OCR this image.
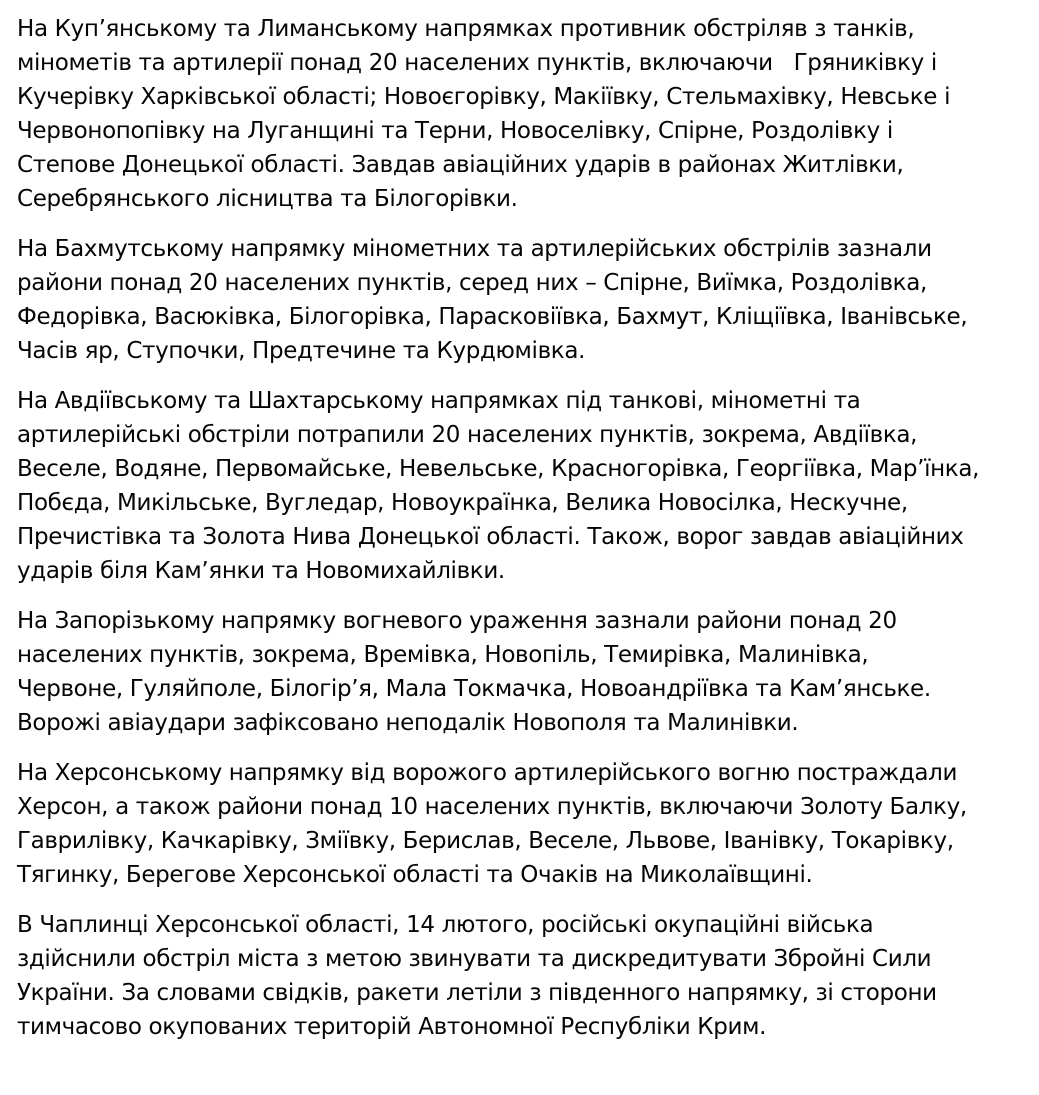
На Куп’янському та Лиманському напрямках противник обстріляв з танків,
мінометів та артилерії понад 20 населених пунктів, включаючи   Гряниківку і
Кучерівку Харківської області; Новоєгорівку, Макіївку, Стельмахівку, Невське і
Червонопопівку на Луганщині та Терни, Новоселівку, Спірне, Роздолівку і
Степове Донецької області. Завдав авіаційних ударів в районах Житлівки,
Серебрянського лісництва та Білогорівки.

На Бахмутському напрямку мінометних та артилерійських обстрілів зазнали
райони понад 20 населених пунктів, серед них – Спірне, Виїмка, Роздолівка,
Федорівка, Васюківка, Білогорівка, Парасковіївка, Бахмут, Кліщіївка, Іванівське,
Часів яр, Ступочки, Предтечине та Курдюмівка.

На Авдіївському та Шахтарському напрямках під танкові, мінометні та
артилерійські обстріли потрапили 20 населених пунктів, зокрема, Авдіївка,
Веселе, Водяне, Первомайське, Невельське, Красногорівка, Георгіївка, Мар’їнка,
Побєда, Микільське, Вугледар, Новоукраїнка, Велика Новосілка, Нескучне,
Пречистівка та Золота Нива Донецької області. Також, ворог завдав авіаційних
ударів біля Кам’янки та Новомихайлівки.

На Запорізькому напрямку вогневого ураження зазнали райони понад 20
населених пунктів, зокрема, Времівка, Новопіль, Темирівка, Малинівка,
Червоне, Гуляйполе, Білогір’я, Мала Токмачка, Новоандріївка та Кам’янське.
Ворожі авіаудари зафіксовано неподалік Новополя та Малинівки.

На Херсонському напрямку від ворожого артилерійського вогню постраждали
Херсон, а також райони понад 10 населених пунктів, включаючи Золоту Балку,
Гаврилівку, Качкарівку, Зміївку, Берислав, Веселе, Львове, Іванівку, Токарівку,
Тягинку, Берегове Херсонської області та Очаків на Миколаївщині.

В Чаплинці Херсонської області, 14 лютого, російські окупаційні війська
здійснили обстріл міста з метою звинувати та дискредитувати Збройні Сили
України. За словами свідків, ракети летіли з південного напрямку, зі сторони
тимчасово окупованих територій Автономної Республіки Крим.
